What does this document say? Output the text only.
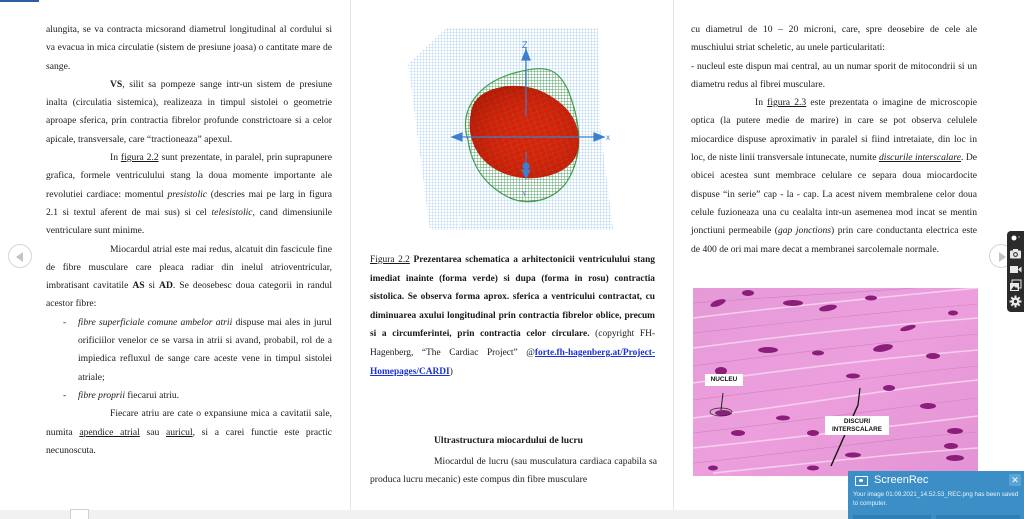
alungita, se va contracta micsorand diametrul longitudinal al cordului si va evacua in mica circulatie (sistem de presiune joasa) o cantitate mare de sange.

VS, silit sa pompeze sange intr-un sistem de presiune inalta (circulatia sistemica), realizeaza in timpul sistolei o geometrie aproape sferica, prin contractia fibrelor profunde constrictoare si a celor apicale, transversale, care “tractioneaza” apexul.

In figura 2.2 sunt prezentate, in paralel, prin suprapunere grafica, formele ventriculului stang la doua momente importante ale revolutiei cardiace: momentul presistolic (descries mai pe larg in figura 2.1 si textul aferent de mai sus) si cel telesistolic, cand dimensiunile ventriculare sunt minime.

Miocardul atrial este mai redus, alcatuit din fascicule fine de fibre musculare care pleaca radiar din inelul atrioventricular, imbratisant cavitatile AS si AD. Se deosebesc doua categorii in randul acestor fibre:

- fibre superficiale comune ambelor atrii dispuse mai ales in jurul orificiilor venelor ce se varsa in atrii si avand, probabil, rol de a impiedica refluxul de sange care aceste vene in timpul sistolei atriale;
- fibre proprii fiecarui atriu.

Fiecare atriu are cate o expansiune mica a cavitatii sale, numita apendice atrial sau auricul, si a carei functie este practic necunoscuta.

Z
x
Y
Figura 2.2 Prezentarea schematica a arhitectonicii ventriculului stang imediat inainte (forma verde) si dupa (forma in rosu) contractia sistolica. Se observa forma aprox. sferica a ventricului contractat, cu diminuarea axului longitudinal prin contractia fibrelor oblice, precum si a circumferintei, prin contractia celor circulare. (copyright FH-Hagenberg, “The Cardiac Project” @forte.fh-hagenberg.at/Project-Homepages/CARDI)
Ultrastructura miocardului de lucru

Miocardul de lucru (sau musculatura cardiaca capabila sa produca lucru mecanic) este compus din fibre musculare

cu diametrul de 10 – 20 microni, care, spre deosebire de cele ale muschiului striat scheletic, au unele particularitati:

- nucleul este dispun mai central, au un numar sporit de mitocondrii si un diametru redus al fibrei musculare.

In figura 2.3 este prezentata o imagine de microscopie optica (la putere medie de marire) in care se pot observa celulele miocardice dispuse aproximativ in paralel si fiind intretaiate, din loc in loc, de niste linii transversale intunecate, numite discurile interscalare. De obicei acestea sunt membrace celulare ce separa doua miocardocite dispuse “in serie” cap - la - cap. La acest nivem membralene celor doua celule fuzioneaza una cu cealalta intr-un asemenea mod incat se mentin jonctiuni permeabile (gap jonctions) prin care conductanta electrica este de 400 de ori mai mare decat a membranei sarcolemale normale.

NUCLEU
DISCURI
INTERSCALARE
ScreenRec	✕
Your image 01.09.2021_14.52.53_REC.png has been saved to computer.
